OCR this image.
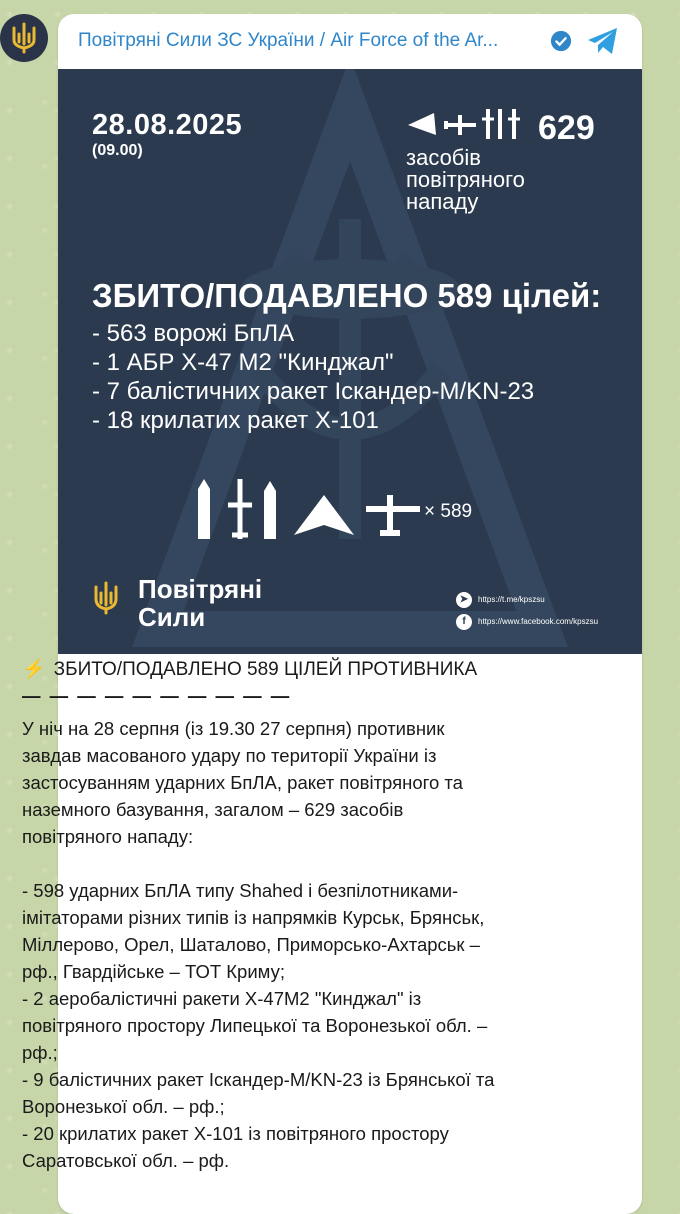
Повітряні Сили ЗС України / Air Force of the Ar...
28.08.2025
(09.00)
629
засобів
повітряного
нападу
ЗБИТО/ПОДАВЛЕНО 589 цілей:
- 563 ворожі БпЛА
- 1 АБР Х-47 М2 "Кинджал"
- 7 балістичних ракет Іскандер-М/KN-23
- 18 крилатих ракет Х-101
× 589
Повітряні
Сили
➤	https://t.me/kpszsu
f	https://www.facebook.com/kpszsu
⚡ ЗБИТО/ПОДАВЛЕНО 589 ЦІЛЕЙ ПРОТИВНИКА
— — — — — — — — — —
У ніч на 28 серпня (із 19.30 27 серпня) противник
завдав масованого удару по території України із
застосуванням ударних БпЛА, ракет повітряного та
наземного базування, загалом – 629 засобів
повітряного нападу:
- 598 ударних БпЛА типу Shahed і безпілотниками-
імітаторами різних типів із напрямків Курськ, Брянськ,
Міллерово, Орел, Шаталово, Приморсько-Ахтарськ –
рф., Гвардійське – ТОТ Криму;
- 2 аеробалістичні ракети Х-47М2 "Кинджал" із
повітряного простору Липецької та Воронезької обл. –
рф.;
- 9 балістичних ракет Іскандер-М/KN-23 із Брянської та
Воронезької обл. – рф.;
- 20 крилатих ракет Х-101 із повітряного простору
Саратовської обл. – рф.
